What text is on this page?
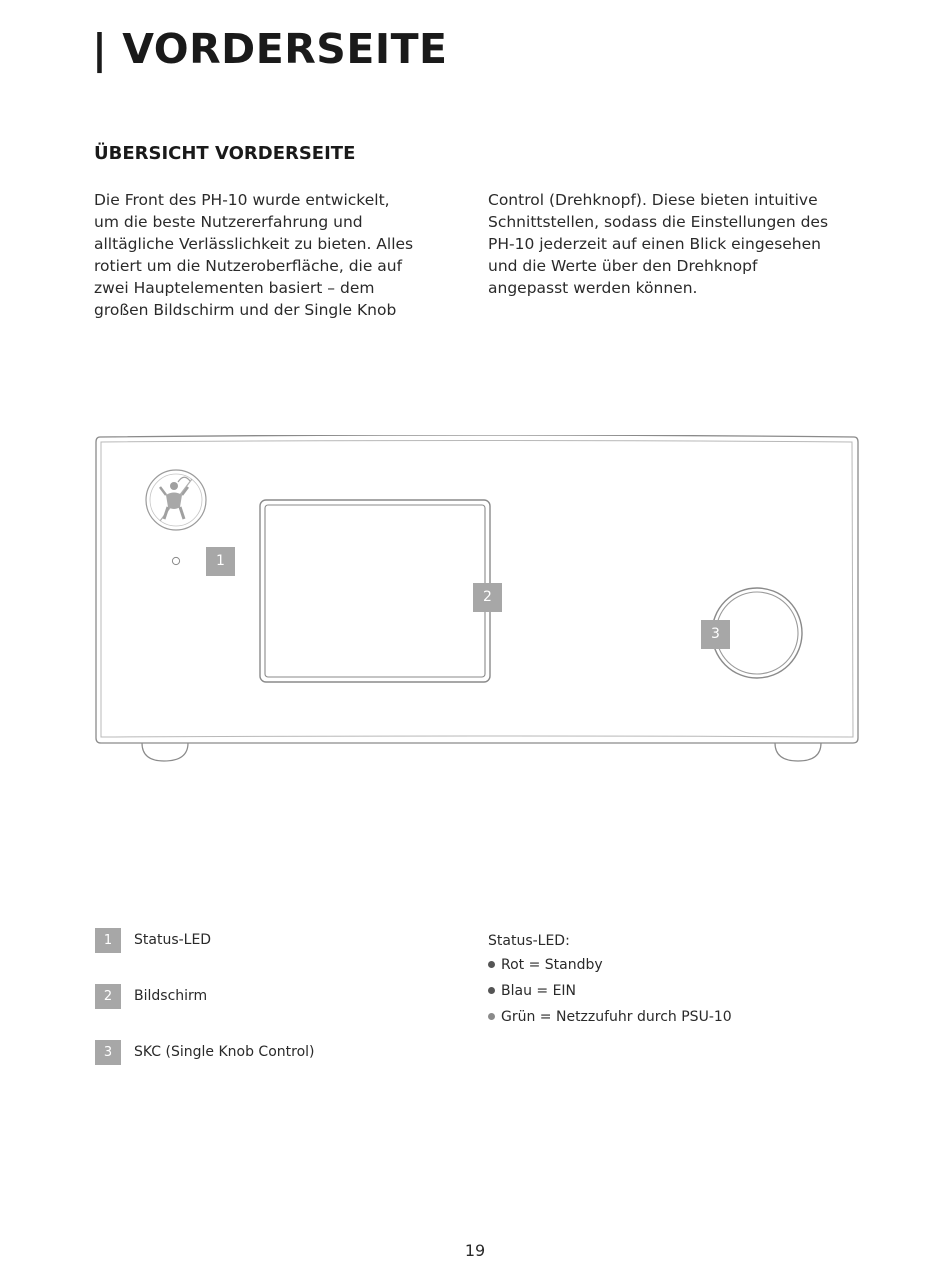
| VORDERSEITE
ÜBERSICHT VORDERSEITE

Die Front des PH-10 wurde entwickelt,
um die beste Nutzererfahrung und
alltägliche Verlässlichkeit zu bieten. Alles
rotiert um die Nutzeroberfläche, die auf
zwei Hauptelementen basiert – dem
großen Bildschirm und der Single Knob

Control (Drehknopf). Diese bieten intuitive
Schnittstellen, sodass die Einstellungen des
PH-10 jederzeit auf einen Blick eingesehen
und die Werte über den Drehknopf
angepasst werden können.

1
2
3
1	Status-LED
2	Bildschirm
3	SKC (Single Knob Control)
Status-LED:
Rot = Standby
Blau = EIN
Grün = Netzzufuhr durch PSU-10
19
